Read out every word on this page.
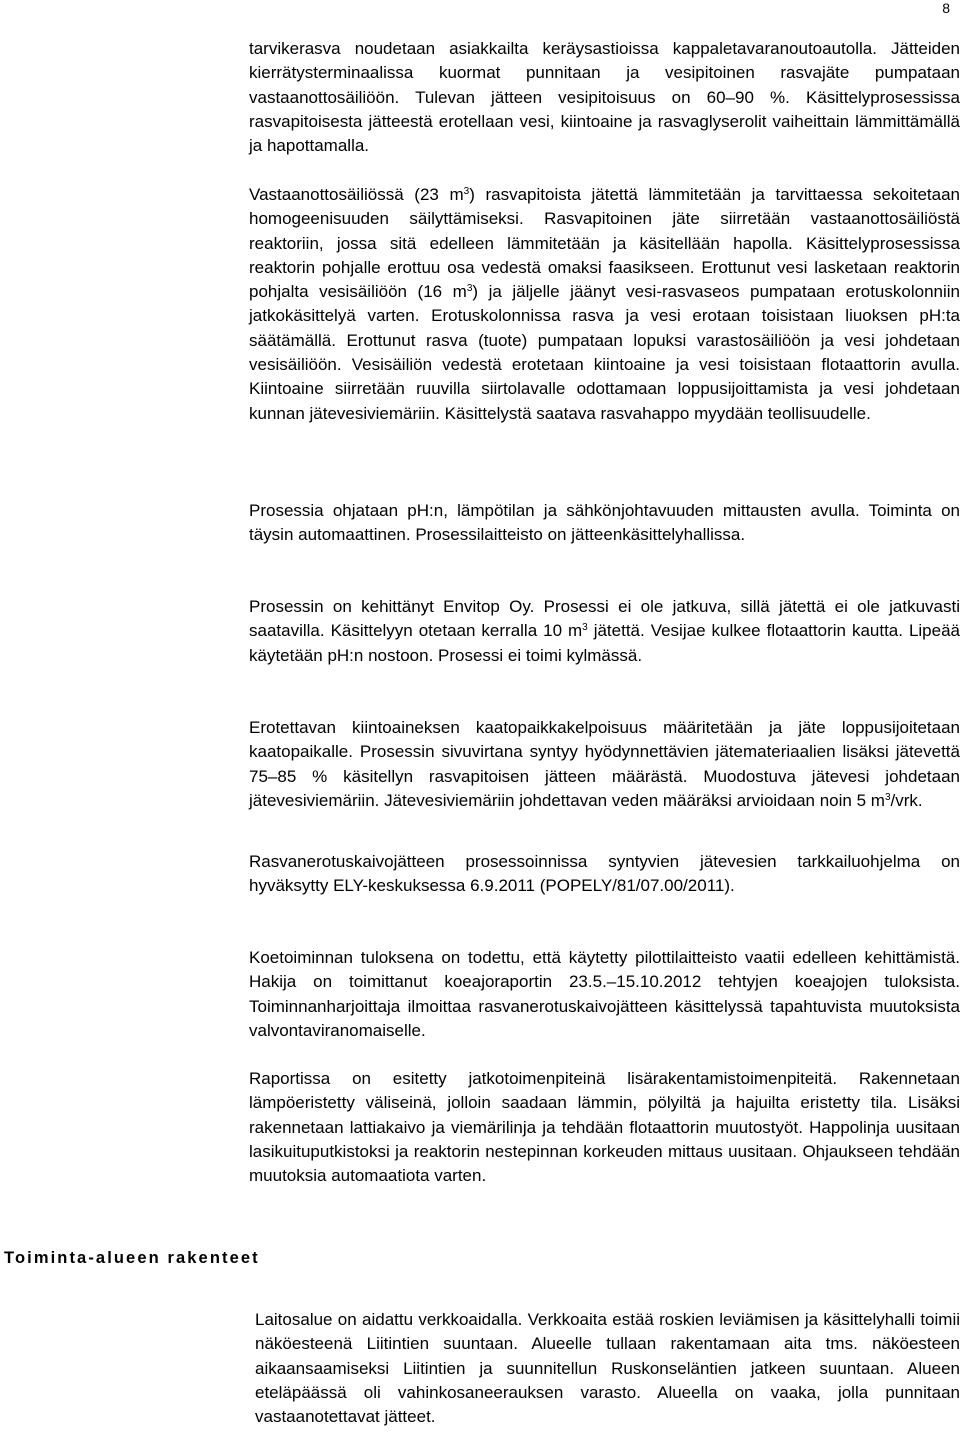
8

tarvikerasva noudetaan asiakkailta keräysastioissa kappaletavaranoutoautolla. Jätteiden kierrätysterminaalissa kuormat punnitaan ja vesipitoinen rasvajäte pumpataan vastaanottosäiliöön. Tulevan jätteen vesipitoisuus on 60–90 %. Käsittelyprosessissa rasvapitoisesta jätteestä erotellaan vesi, kiintoaine ja rasvaglyserolit vaiheittain lämmittämällä ja hapottamalla.

Vastaanottosäiliössä (23 $m^3$) rasvapitoista jätettä lämmitetään ja tarvittaessa sekoitetaan homogeenisuuden säilyttämiseksi. Rasvapitoinen jäte siirretään vastaanottosäiliöstä reaktoriin, jossa sitä edelleen lämmitetään ja käsitellään hapolla. Käsittelyprosessissa reaktorin pohjalle erottuu osa vedestä omaksi faasikseen. Erottunut vesi lasketaan reaktorin pohjalta vesisäiliöön (16 $m^3$) ja jäljelle jäänyt vesi-rasvaseos pumpataan erotuskolonniin jatkokäsittelyä varten. Erotuskolonnissa rasva ja vesi erotaan toisistaan liuoksen pH:ta säätämällä. Erottunut rasva (tuote) pumpataan lopuksi varastosäiliöön ja vesi johdetaan vesisäiliöön. Vesisäiliön vedestä erotetaan kiintoaine ja vesi toisistaan flotaattorin avulla. Kiintoaine siirretään ruuvilla siirtolavalle odottamaan loppusijoittamista ja vesi johdetaan kunnan jätevesiviemäriin. Käsittelystä saatava rasvahappo myydään teollisuudelle.

Prosessia ohjataan pH:n, lämpötilan ja sähkönjohtavuuden mittausten avulla. Toiminta on täysin automaattinen. Prosessilaitteisto on jätteenkäsittelyhallissa.

Prosessin on kehittänyt Envitop Oy. Prosessi ei ole jatkuva, sillä jätettä ei ole jatkuvasti saatavilla. Käsittelyyn otetaan kerralla 10 $m^3$ jätettä. Vesijae kulkee flotaattorin kautta. Lipeää käytetään pH:n nostoon. Prosessi ei toimi kylmässä.

Erotettavan kiintoaineksen kaatopaikkakelpoisuus määritetään ja jäte loppusijoitetaan kaatopaikalle. Prosessin sivuvirtana syntyy hyödynnettävien jätemateriaalien lisäksi jätevettä 75–85 % käsitellyn rasvapitoisen jätteen määrästä. Muodostuva jätevesi johdetaan jätevesiviemäriin. Jätevesiviemäriin johdettavan veden määräksi arvioidaan noin 5 $m^3$/vrk.

Rasvanerotuskaivojätteen prosessoinnissa syntyvien jätevesien tarkkailuohjelma on hyväksytty ELY-keskuksessa 6.9.2011 (POPELY/81/07.00/2011).

Koetoiminnan tuloksena on todettu, että käytetty pilottilaitteisto vaatii edelleen kehittämistä. Hakija on toimittanut koeajoraportin 23.5.–15.10.2012 tehtyjen koeajojen tuloksista. Toiminnanharjoittaja ilmoittaa rasvanerotuskaivojätteen käsittelyssä tapahtuvista muutoksista valvontaviranomaiselle.

Raportissa on esitetty jatkotoimenpiteinä lisärakentamistoimenpiteitä. Rakennetaan lämpöeristetty väliseinä, jolloin saadaan lämmin, pölyiltä ja hajuilta eristetty tila. Lisäksi rakennetaan lattiakaivo ja viemärilinja ja tehdään flotaattorin muutostyöt. Happolinja uusitaan lasikuituputkistoksi ja reaktorin nestepinnan korkeuden mittaus uusitaan. Ohjaukseen tehdään muutoksia automaatiota varten.

Toiminta-alueen rakenteet

Laitosalue on aidattu verkkoaidalla. Verkkoaita estää roskien leviämisen ja käsittelyhalli toimii näköesteenä Liitintien suuntaan. Alueelle tullaan rakentamaan aita tms. näköesteen aikaansaamiseksi Liitintien ja suunnitellun Ruskonseläntien jatkeen suuntaan. Alueen eteläpäässä oli vahinkosaneerauksen varasto. Alueella on vaaka, jolla punnitaan vastaanotettavat jätteet.
